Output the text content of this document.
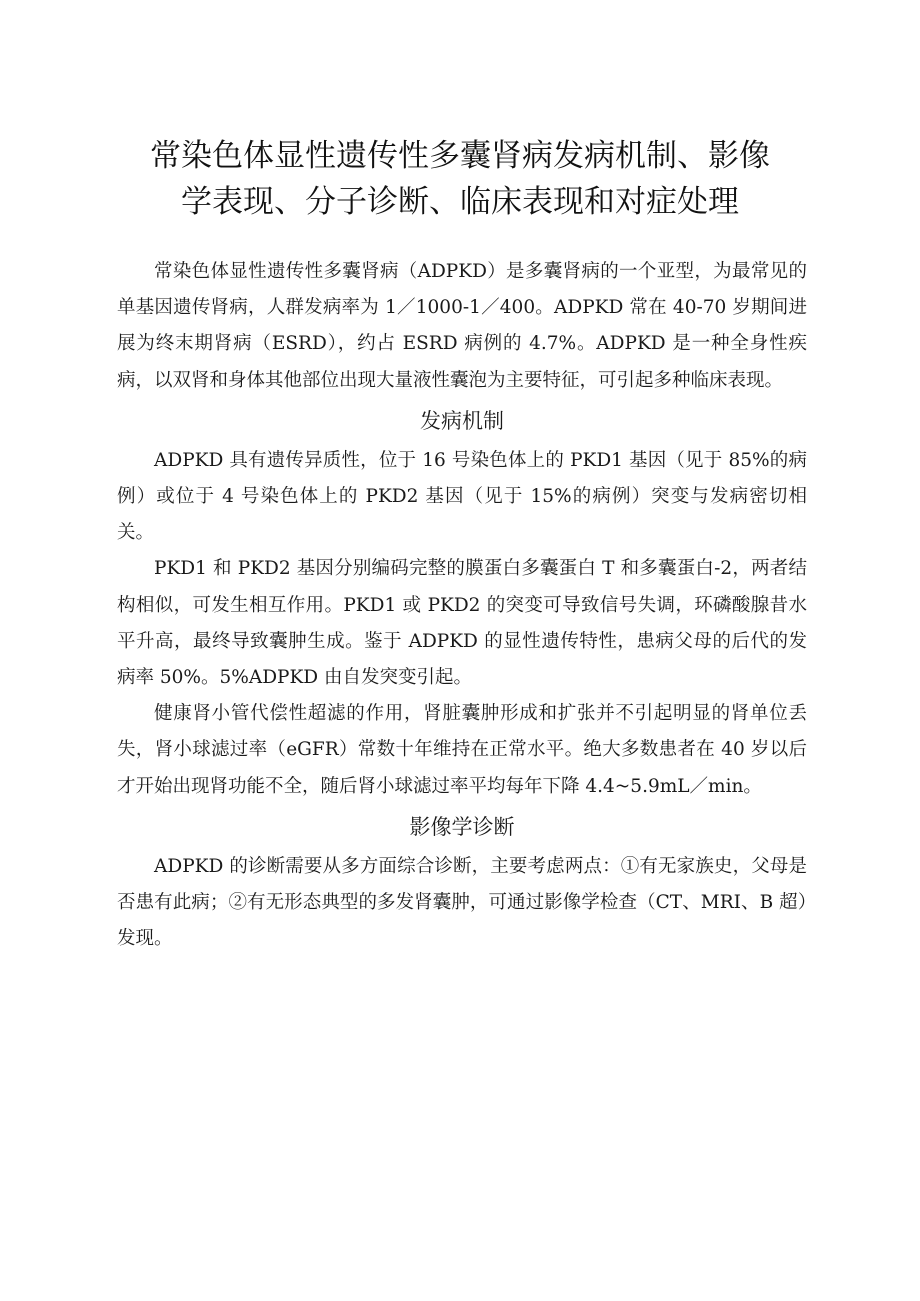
常染色体显性遗传性多囊肾病发病机制、影像
学表现、分子诊断、临床表现和对症处理

常染色体显性遗传性多囊肾病（ADPKD）是多囊肾病的一个亚型，为最常见的单基因遗传肾病，人群发病率为 1／1000-1／400。ADPKD 常在 40-70 岁期间进展为终末期肾病（ESRD），约占 ESRD 病例的 4.7%。ADPKD 是一种全身性疾病，以双肾和身体其他部位出现大量液性囊泡为主要特征，可引起多种临床表现。

发病机制

ADPKD 具有遗传异质性，位于 16 号染色体上的 PKD1 基因（见于 85%的病例）或位于 4 号染色体上的 PKD2 基因（见于 15%的病例）突变与发病密切相关。

PKD1 和 PKD2 基因分别编码完整的膜蛋白多囊蛋白 T 和多囊蛋白-2，两者结构相似，可发生相互作用。PKD1 或 PKD2 的突变可导致信号失调，环磷酸腺昔水平升高，最终导致囊肿生成。鉴于 ADPKD 的显性遗传特性，患病父母的后代的发病率 50%。5%ADPKD 由自发突变引起。

健康肾小管代偿性超滤的作用，肾脏囊肿形成和扩张并不引起明显的肾单位丢失，肾小球滤过率（eGFR）常数十年维持在正常水平。绝大多数患者在 40 岁以后才开始出现肾功能不全，随后肾小球滤过率平均每年下降 4.4~5.9mL／min。

影像学诊断

ADPKD 的诊断需要从多方面综合诊断，主要考虑两点：①有无家族史，父母是否患有此病；②有无形态典型的多发肾囊肿，可通过影像学检查（CT、MRI、B 超）发现。
